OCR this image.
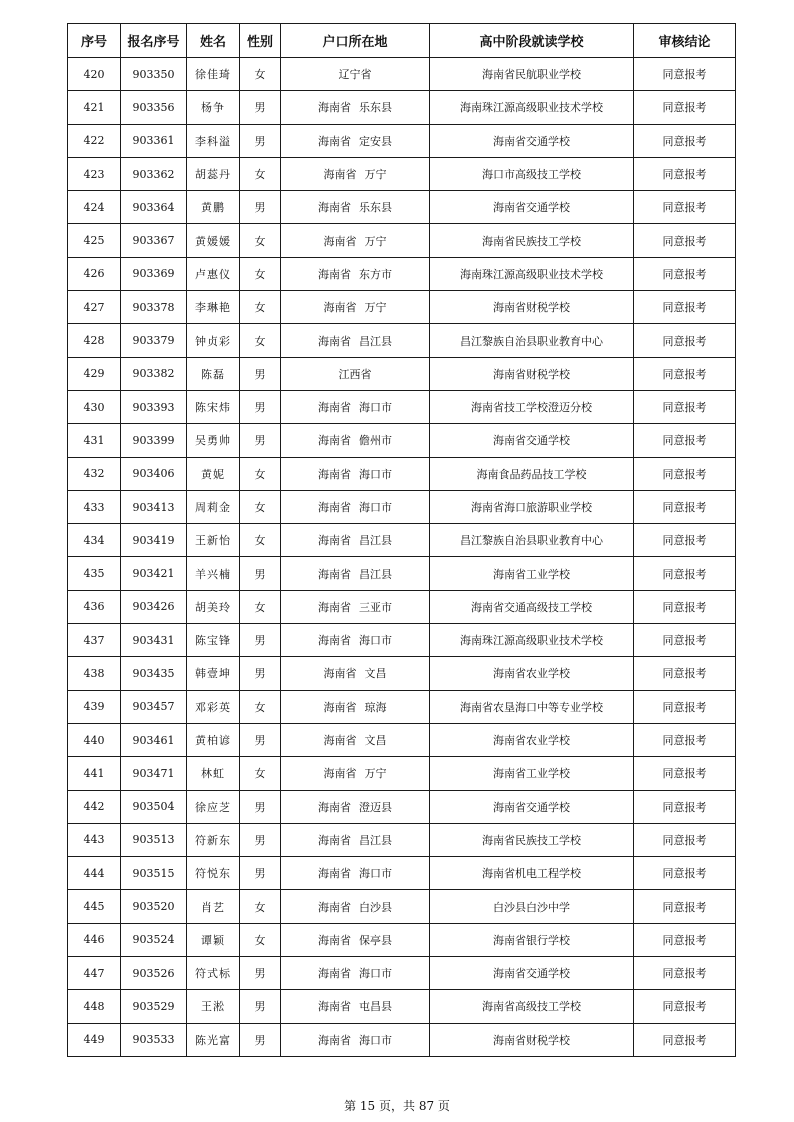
序号	报名序号	姓名	性别	户口所在地	高中阶段就读学校	审核结论
420	903350	徐佳琦	女	辽宁省	海南省民航职业学校	同意报考
421	903356	杨争	男	海南省 乐东县	海南珠江源高级职业技术学校	同意报考
422	903361	李科溢	男	海南省 定安县	海南省交通学校	同意报考
423	903362	胡蕊丹	女	海南省 万宁	海口市高级技工学校	同意报考
424	903364	黄鹏	男	海南省 乐东县	海南省交通学校	同意报考
425	903367	黄媛媛	女	海南省 万宁	海南省民族技工学校	同意报考
426	903369	卢惠仪	女	海南省 东方市	海南珠江源高级职业技术学校	同意报考
427	903378	李琳艳	女	海南省 万宁	海南省财税学校	同意报考
428	903379	钟贞彩	女	海南省 昌江县	昌江黎族自治县职业教育中心	同意报考
429	903382	陈磊	男	江西省	海南省财税学校	同意报考
430	903393	陈宋炜	男	海南省 海口市	海南省技工学校澄迈分校	同意报考
431	903399	吴勇帅	男	海南省 儋州市	海南省交通学校	同意报考
432	903406	黄妮	女	海南省 海口市	海南食品药品技工学校	同意报考
433	903413	周莉金	女	海南省 海口市	海南省海口旅游职业学校	同意报考
434	903419	王新怡	女	海南省 昌江县	昌江黎族自治县职业教育中心	同意报考
435	903421	羊兴楠	男	海南省 昌江县	海南省工业学校	同意报考
436	903426	胡美玲	女	海南省 三亚市	海南省交通高级技工学校	同意报考
437	903431	陈宝锋	男	海南省 海口市	海南珠江源高级职业技术学校	同意报考
438	903435	韩壹坤	男	海南省 文昌	海南省农业学校	同意报考
439	903457	邓彩英	女	海南省 琼海	海南省农垦海口中等专业学校	同意报考
440	903461	黄柏谚	男	海南省 文昌	海南省农业学校	同意报考
441	903471	林虹	女	海南省 万宁	海南省工业学校	同意报考
442	903504	徐应芝	男	海南省 澄迈县	海南省交通学校	同意报考
443	903513	符新东	男	海南省 昌江县	海南省民族技工学校	同意报考
444	903515	符悦东	男	海南省 海口市	海南省机电工程学校	同意报考
445	903520	肖艺	女	海南省 白沙县	白沙县白沙中学	同意报考
446	903524	谭颖	女	海南省 保亭县	海南省银行学校	同意报考
447	903526	符式标	男	海南省 海口市	海南省交通学校	同意报考
448	903529	王淞	男	海南省 屯昌县	海南省高级技工学校	同意报考
449	903533	陈光富	男	海南省 海口市	海南省财税学校	同意报考
第 15 页，共 87 页
